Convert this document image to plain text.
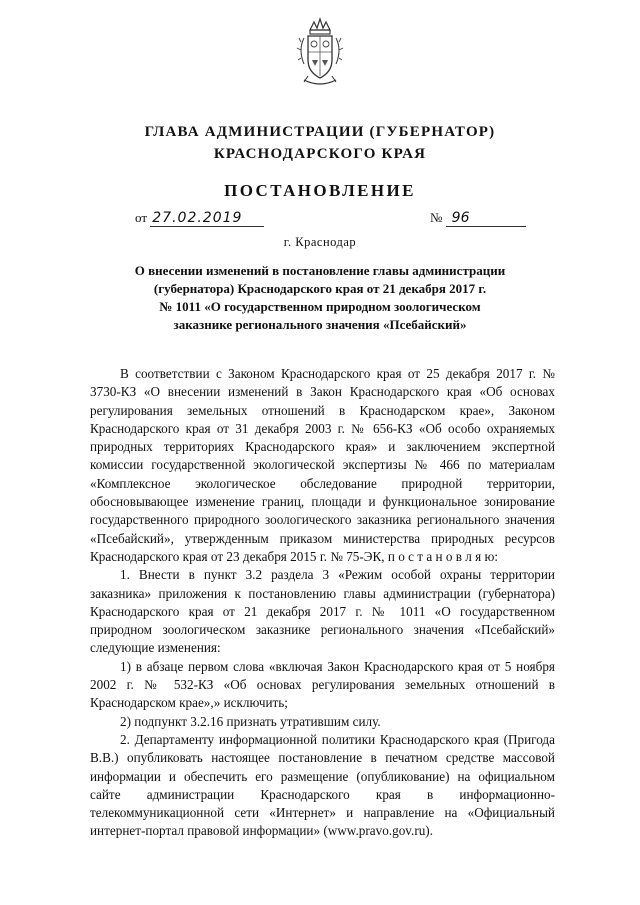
ГЛАВА АДМИНИСТРАЦИИ (ГУБЕРНАТОР)
КРАСНОДАРСКОГО КРАЯ
ПОСТАНОВЛЕНИЕ
от 27.02.2019	№ 96
г. Краснодар
О внесении изменений в постановление главы администрации
(губернатора) Краснодарского края от 21 декабря 2017 г.
№ 1011 «О государственном природном зоологическом
заказнике регионального значения «Псебайский»

В соответствии с Законом Краснодарского края от 25 декабря 2017 г. № 3730-КЗ «О внесении изменений в Закон Краснодарского края «Об основах регулирования земельных отношений в Краснодарском крае», Законом Краснодарского края от 31 декабря 2003 г. № 656-КЗ «Об особо охраняемых природных территориях Краснодарского края» и заключением экспертной комиссии государственной экологической экспертизы № 466 по материалам «Комплексное экологическое обследование природной территории, обосновывающее изменение границ, площади и функциональное зонирование государственного природного зоологического заказника регионального значения «Псебайский», утвержденным приказом министерства природных ресурсов Краснодарского края от 23 декабря 2015 г. № 75-ЭК, п о с т а н о в л я ю:

1. Внести в пункт 3.2 раздела 3 «Режим особой охраны территории заказника» приложения к постановлению главы администрации (губернатора) Краснодарского края от 21 декабря 2017 г. № 1011 «О государственном природном зоологическом заказнике регионального значения «Псебайский» следующие изменения:

1) в абзаце первом слова «включая Закон Краснодарского края от 5 ноября 2002 г. № 532-КЗ «Об основах регулирования земельных отношений в Краснодарском крае»,» исключить;

2) подпункт 3.2.16 признать утратившим силу.

2. Департаменту информационной политики Краснодарского края (Пригода В.В.) опубликовать настоящее постановление в печатном средстве массовой информации и обеспечить его размещение (опубликование) на официальном сайте администрации Краснодарского края в информационно-телекоммуникационной сети «Интернет» и направление на «Официальный интернет-портал правовой информации» (www.pravo.gov.ru).
